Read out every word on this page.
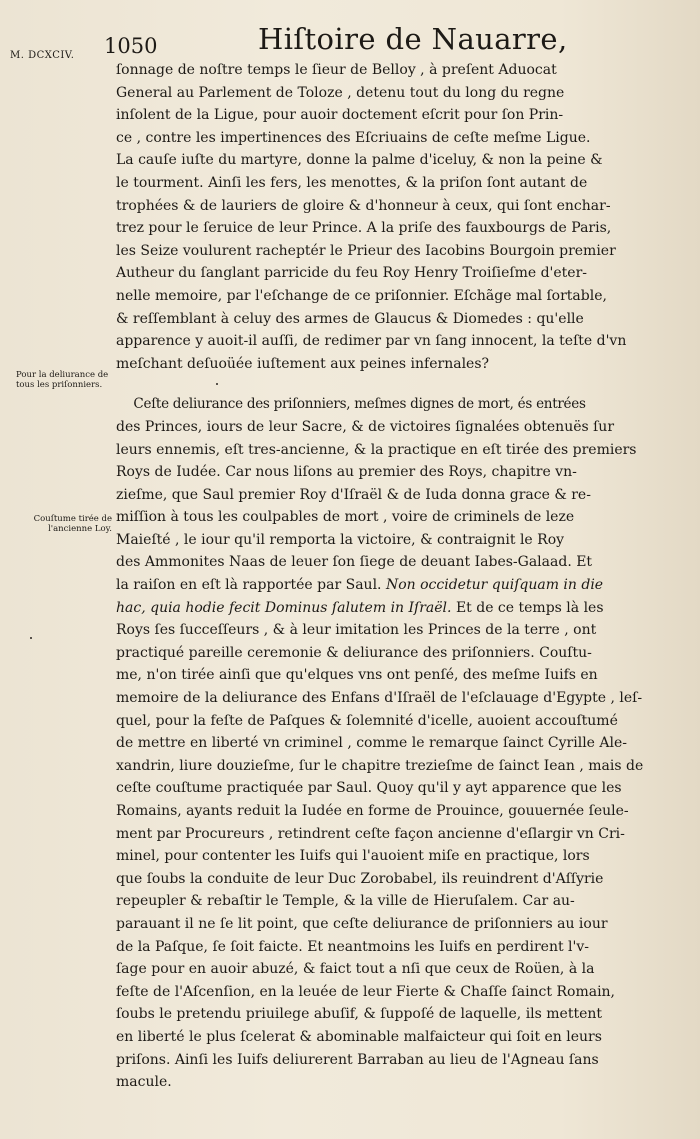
M. DCXCIV. 1050	Hiſtoire de Nauarre,
Pour la deliurance de tous les priſonniers.
Couſtume tirée de l'ancienne Loy.
ſonnage de noſtre temps le ſieur de Belloy , à preſent Aduocat
General au Parlement de Toloze , detenu tout du long du regne
inſolent de la Ligue, pour auoir doctement eſcrit pour ſon Prin-
ce , contre les impertinences des Eſcriuains de ceſte meſme Ligue.
La cauſe iuſte du martyre, donne la palme d'iceluy, & non la peine &
le tourment. Ainſi les fers, les menottes, & la priſon ſont autant de
trophées & de lauriers de gloire & d'honneur à ceux, qui ſont enchar-
trez pour le ſeruice de leur Prince. A la priſe des fauxbourgs de Paris,
les Seize voulurent racheptér le Prieur des Iacobins Bourgoin premier
Autheur du ſanglant parricide du feu Roy Henry Troiſieſme d'eter-
nelle memoire, par l'eſchange de ce priſonnier. Eſchãge mal ſortable,
& reſſemblant à celuy des armes de Glaucus & Diomedes : qu'elle
apparence y auoit-il auſſi, de redimer par vn ſang innocent, la teſte d'vn
meſchant deſuoüée iuſtement aux peines infernales?
Ceſte deliurance des priſonniers, meſmes dignes de mort, és entrées
des Princes, iours de leur Sacre, & de victoires ſignalées obtenuës ſur
leurs ennemis, eſt tres-ancienne, & la practique en eſt tirée des premiers
Roys de Iudée. Car nous liſons au premier des Roys, chapitre vn-
zieſme, que Saul premier Roy d'Iſraël & de Iuda donna grace & re-
miſſion à tous les coulpables de mort , voire de criminels de leze
Maieſté , le iour qu'il remporta la victoire, & contraignit le Roy
des Ammonites Naas de leuer ſon ſiege de deuant Iabes-Galaad. Et
la raiſon en eſt là rapportée par Saul. Non occidetur quiſquam in die
hac, quia hodie fecit Dominus ſalutem in Iſraël. Et de ce temps là les
Roys ſes ſucceſſeurs , & à leur imitation les Princes de la terre , ont
practiqué pareille ceremonie & deliurance des priſonniers. Couſtu-
me, n'on tirée ainſi que qu'elques vns ont penſé, des meſme Iuifs en
memoire de la deliurance des Enfans d'Iſraël de l'eſclauage d'Egypte , leſ-
quel, pour la feſte de Paſques & ſolemnité d'icelle, auoient accouſtumé
de mettre en liberté vn criminel , comme le remarque ſainct Cyrille Ale-
xandrin, liure douzieſme, ſur le chapitre trezieſme de ſainct Iean , mais de
ceſte couſtume practiquée par Saul. Quoy qu'il y ayt apparence que les
Romains, ayants reduit la Iudée en forme de Prouince, gouuernée ſeule-
ment par Procureurs , retindrent ceſte façon ancienne d'eſlargir vn Cri-
minel, pour contenter les Iuifs qui l'auoient miſe en practique, lors
que ſoubs la conduite de leur Duc Zorobabel, ils reuindrent d'Aſſyrie
repeupler & rebaſtir le Temple, & la ville de Hieruſalem. Car au-
parauant il ne ſe lit point, que ceſte deliurance de priſonniers au iour
de la Paſque, ſe ſoit faicte. Et neantmoins les Iuifs en perdirent l'v-
ſage pour en auoir abuzé, & faict tout a nſi que ceux de Roüen, à la
feſte de l'Aſcenſion, en la leuée de leur Fierte & Chaſſe ſainct Romain,
ſoubs le pretendu priuilege abuſif, & ſuppoſé de laquelle, ils mettent
en liberté le plus ſcelerat & abominable malfaicteur qui ſoit en leurs
priſons. Ainſi les Iuifs deliurerent Barraban au lieu de l'Agneau ſans
macule.
